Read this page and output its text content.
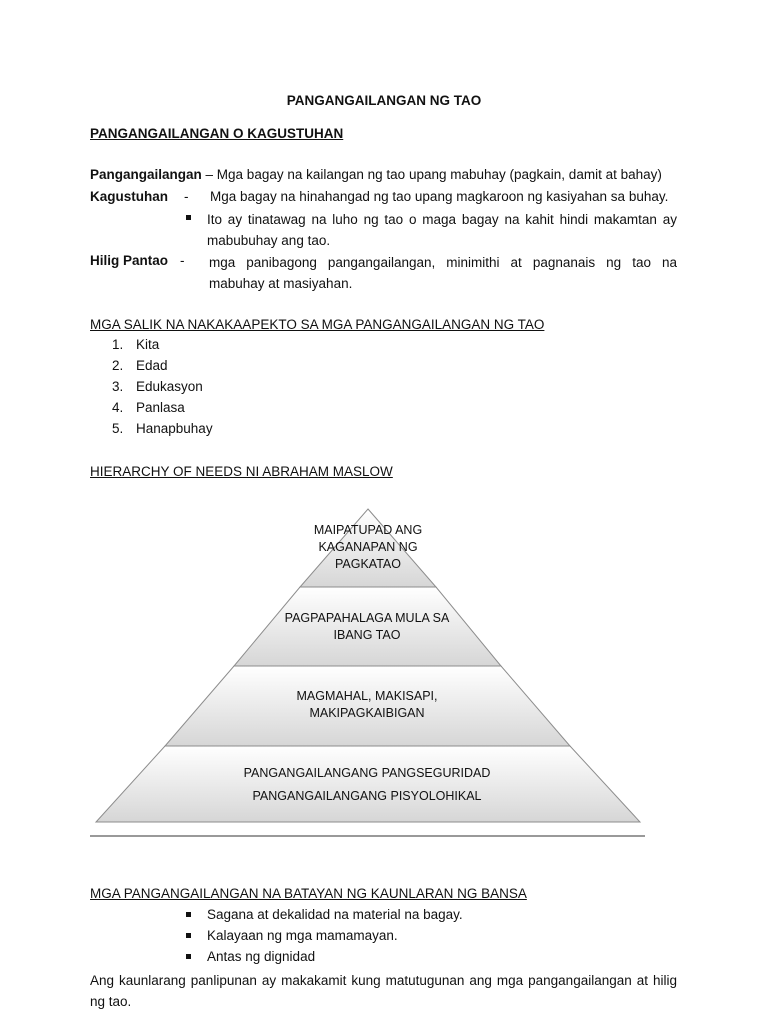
PANGANGAILANGAN NG TAO
PANGANGAILANGAN O KAGUSTUHAN
Pangangailangan – Mga bagay na kailangan ng tao upang mabuhay (pagkain, damit at bahay)
Kagustuhan - Mga bagay na hinahangad ng tao upang magkaroon ng kasiyahan sa buhay.
Ito ay tinatawag na luho ng tao o maga bagay na kahit hindi makamtan ay mabubuhay ang tao.
Hilig Pantao - mga panibagong pangangailangan, minimithi at pagnanais ng tao na mabuhay at masiyahan.
MGA SALIK NA NAKAKAAPEKTO SA MGA PANGANGAILANGAN NG TAO
1. Kita
2. Edad
3. Edukasyon
4. Panlasa
5. Hanapbuhay
HIERARCHY OF NEEDS NI ABRAHAM MASLOW
MAIPATUPAD ANG
KAGANAPAN NG
PAGKATAO
PAGPAPAHALAGA MULA SA
IBANG TAO
MAGMAHAL, MAKISAPI,
MAKIPAGKAIBIGAN
PANGANGAILANGANG PANGSEGURIDAD
PANGANGAILANGANG PISYOLOHIKAL
MGA PANGANGAILANGAN NA BATAYAN NG KAUNLARAN NG BANSA
Sagana at dekalidad na material na bagay.
Kalayaan ng mga mamamayan.
Antas ng dignidad
Ang kaunlarang panlipunan ay makakamit kung matutugunan ang mga pangangailangan at hilig ng tao.
